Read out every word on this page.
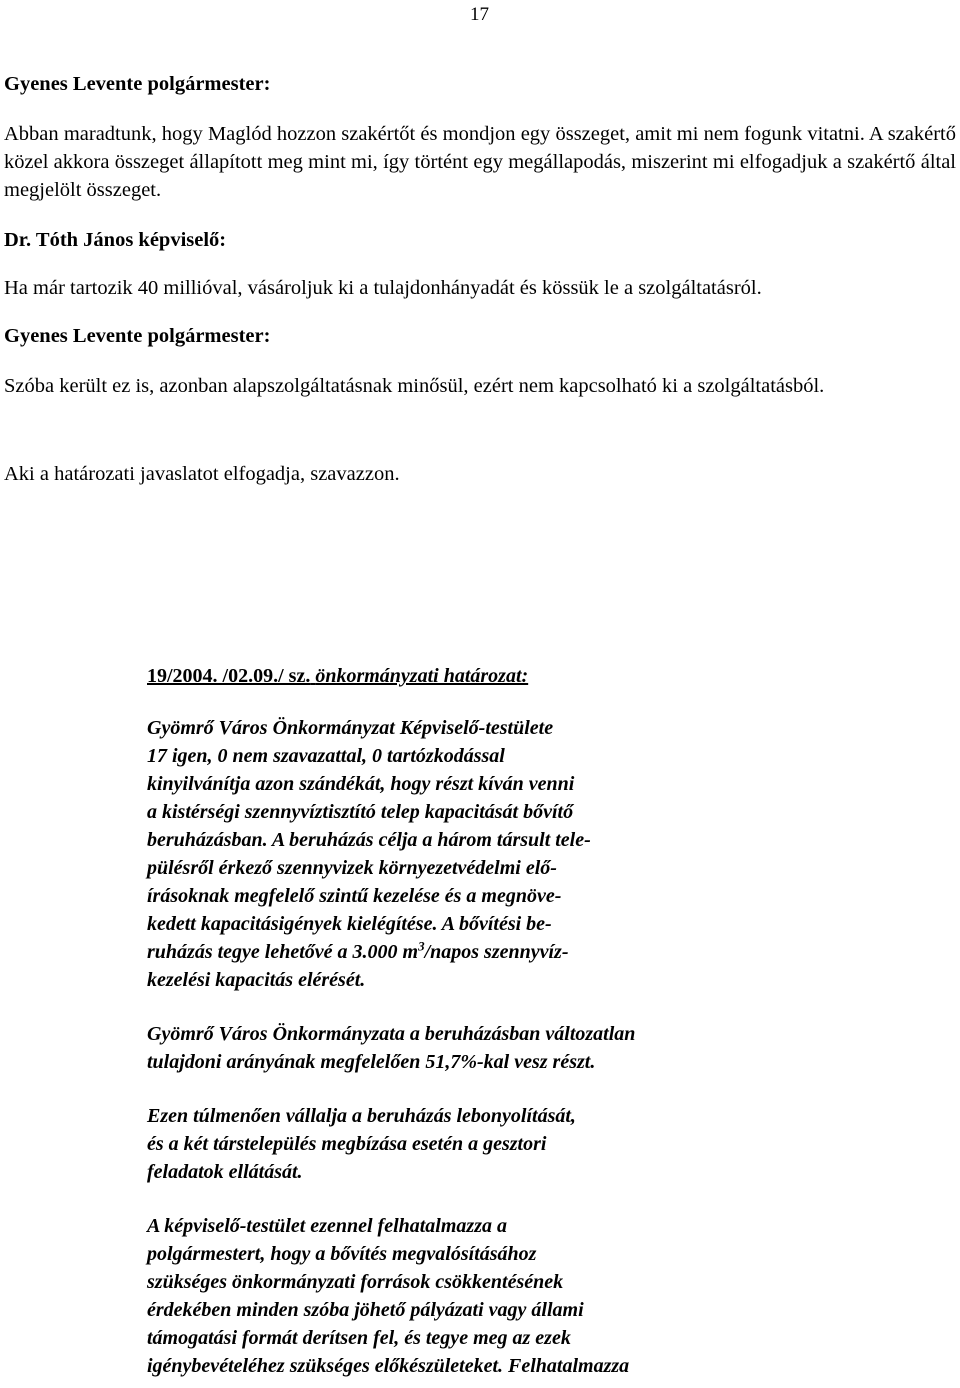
17

Gyenes Levente polgármester:

Abban maradtunk, hogy Maglód hozzon szakértőt és mondjon egy összeget, amit mi nem fogunk vitatni. A szakértő közel akkora összeget állapított meg mint mi, így történt egy megállapodás, miszerint mi elfogadjuk a szakértő által megjelölt összeget.

Dr. Tóth János képviselő:

Ha már tartozik 40 millióval, vásároljuk ki a tulajdonhányadát és kössük le a szolgáltatásról.

Gyenes Levente polgármester:

Szóba került ez is, azonban alapszolgáltatásnak minősül, ezért nem kapcsolható ki a szolgáltatásból.

Aki a határozati javaslatot elfogadja, szavazzon.

19/2004. /02.09./ sz. önkormányzati határozat:
Gyömrő Város Önkormányzat Képviselő-testülete
17 igen, 0 nem szavazattal, 0 tartózkodással
kinyilvánítja azon szándékát, hogy részt kíván venni
a kistérségi szennyvíztisztító telep kapacitását bővítő
beruházásban. A beruházás célja a három társult tele-
pülésről érkező szennyvizek környezetvédelmi elő-
írásoknak megfelelő szintű kezelése és a megnöve-
kedett kapacitásigények kielégítése. A bővítési be-
ruházás tegye lehetővé a 3.000 $m^3$/napos szennyvíz-
kezelési kapacitás elérését.
Gyömrő Város Önkormányzata a beruházásban változatlan
tulajdoni arányának megfelelően 51,7%-kal vesz részt.
Ezen túlmenően vállalja a beruházás lebonyolítását,
és a két társtelepülés megbízása esetén a gesztori
feladatok ellátását.
A képviselő-testület ezennel felhatalmazza a
polgármestert, hogy a bővítés megvalósításához
szükséges önkormányzati források csökkentésének
érdekében minden szóba jöhető pályázati vagy állami
támogatási formát derítsen fel, és tegye meg az ezek
igénybevételéhez szükséges előkészületeket. Felhatalmazza
